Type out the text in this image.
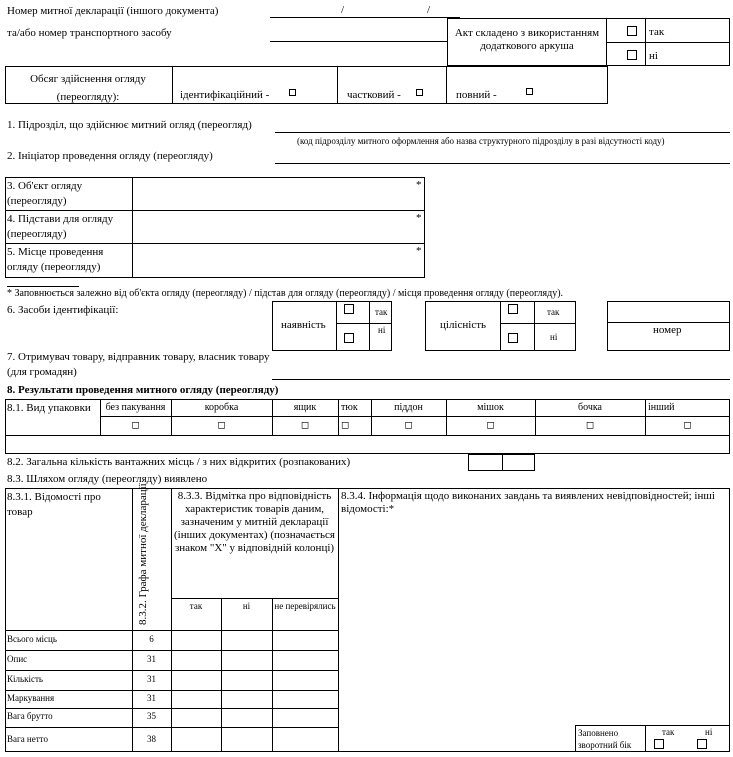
Номер митної декларації (іншого документа)	/	/
та/або номер транспортного засобу	Акт складено з використанням додаткового аркуша
так
ні
Обсяг здійснення огляду (переогляду):	ідентифікаційний -	частковий -	повний -
1. Підрозділ, що здійснює митний огляд (переогляд)
(код підрозділу митного оформлення або назва структурного підрозділу в разі відсутності коду)
2. Ініціатор проведення огляду (переогляду)
3. Об'єкт огляду (переогляду)
4. Підстави для огляду (переогляду)
5. Місце проведення огляду (переогляду)
*
*
*
* Заповнюється залежно від об'єкта огляду (переогляду) / підстав для огляду (переогляду) / місця проведення огляду (переогляду).
6. Засоби ідентифікації:
наявність
так
ні	цілісність
так
ні
номер
7. Отримувач товару, відправник товару, власник товару (для громадян)
8. Результати проведення митного огляду (переогляду)
8.1. Вид упаковки	без пакування	коробка	ящик	тюк	піддон	мішок	бочка	інший
◻	◻	◻	◻	◻	◻	◻	◻
8.2. Загальна кількість вантажних місць / з них відкритих (розпакованих)
8.3. Шляхом огляду (переогляду) виявлено
8.3.1. Відомості про товар	8.3.2. Графа митної декларації	8.3.3. Відмітка про відповідність характеристик товарів даним, зазначеним у митній декларації (інших документах) (позначається знаком "Х" у відповідній колонці)
8.3.4. Інформація щодо виконаних завдань та виявлених невідповідностей; інші відомості:*
так	ні	не перевірялись
Всього місць	6
Опис	31
Кількість	31
Маркування	31
Вага брутто	35
Вага нетто	38
Заповнено зворотний бік
так	ні
